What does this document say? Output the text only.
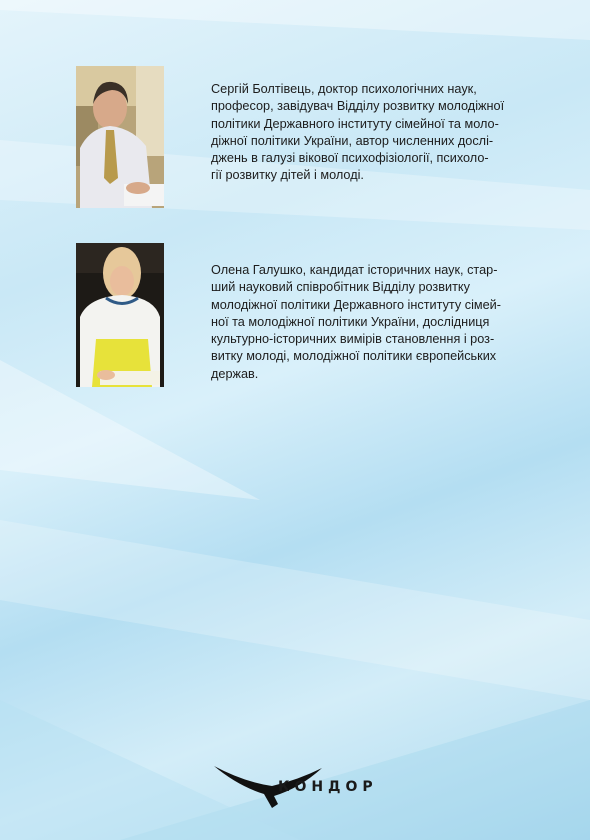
Сергій Болтівець, доктор психологічних наук,
професор, завідувач Відділу розвитку молодіжної
політики Державного інституту сімейної та моло-
діжної політики України, автор численних дослі-
джень в галузі вікової психофізіології, психоло-
гії розвитку дітей і молоді.

Олена Галушко, кандидат історичних наук, стар-
ший науковий співробітник Відділу розвитку
молодіжної політики Державного інституту сімей-
ної та молодіжної політики України, дослідниця
культурно-історичних вимірів становлення і роз-
витку молоді, молодіжної політики європейських
держав.

КОНДОР
